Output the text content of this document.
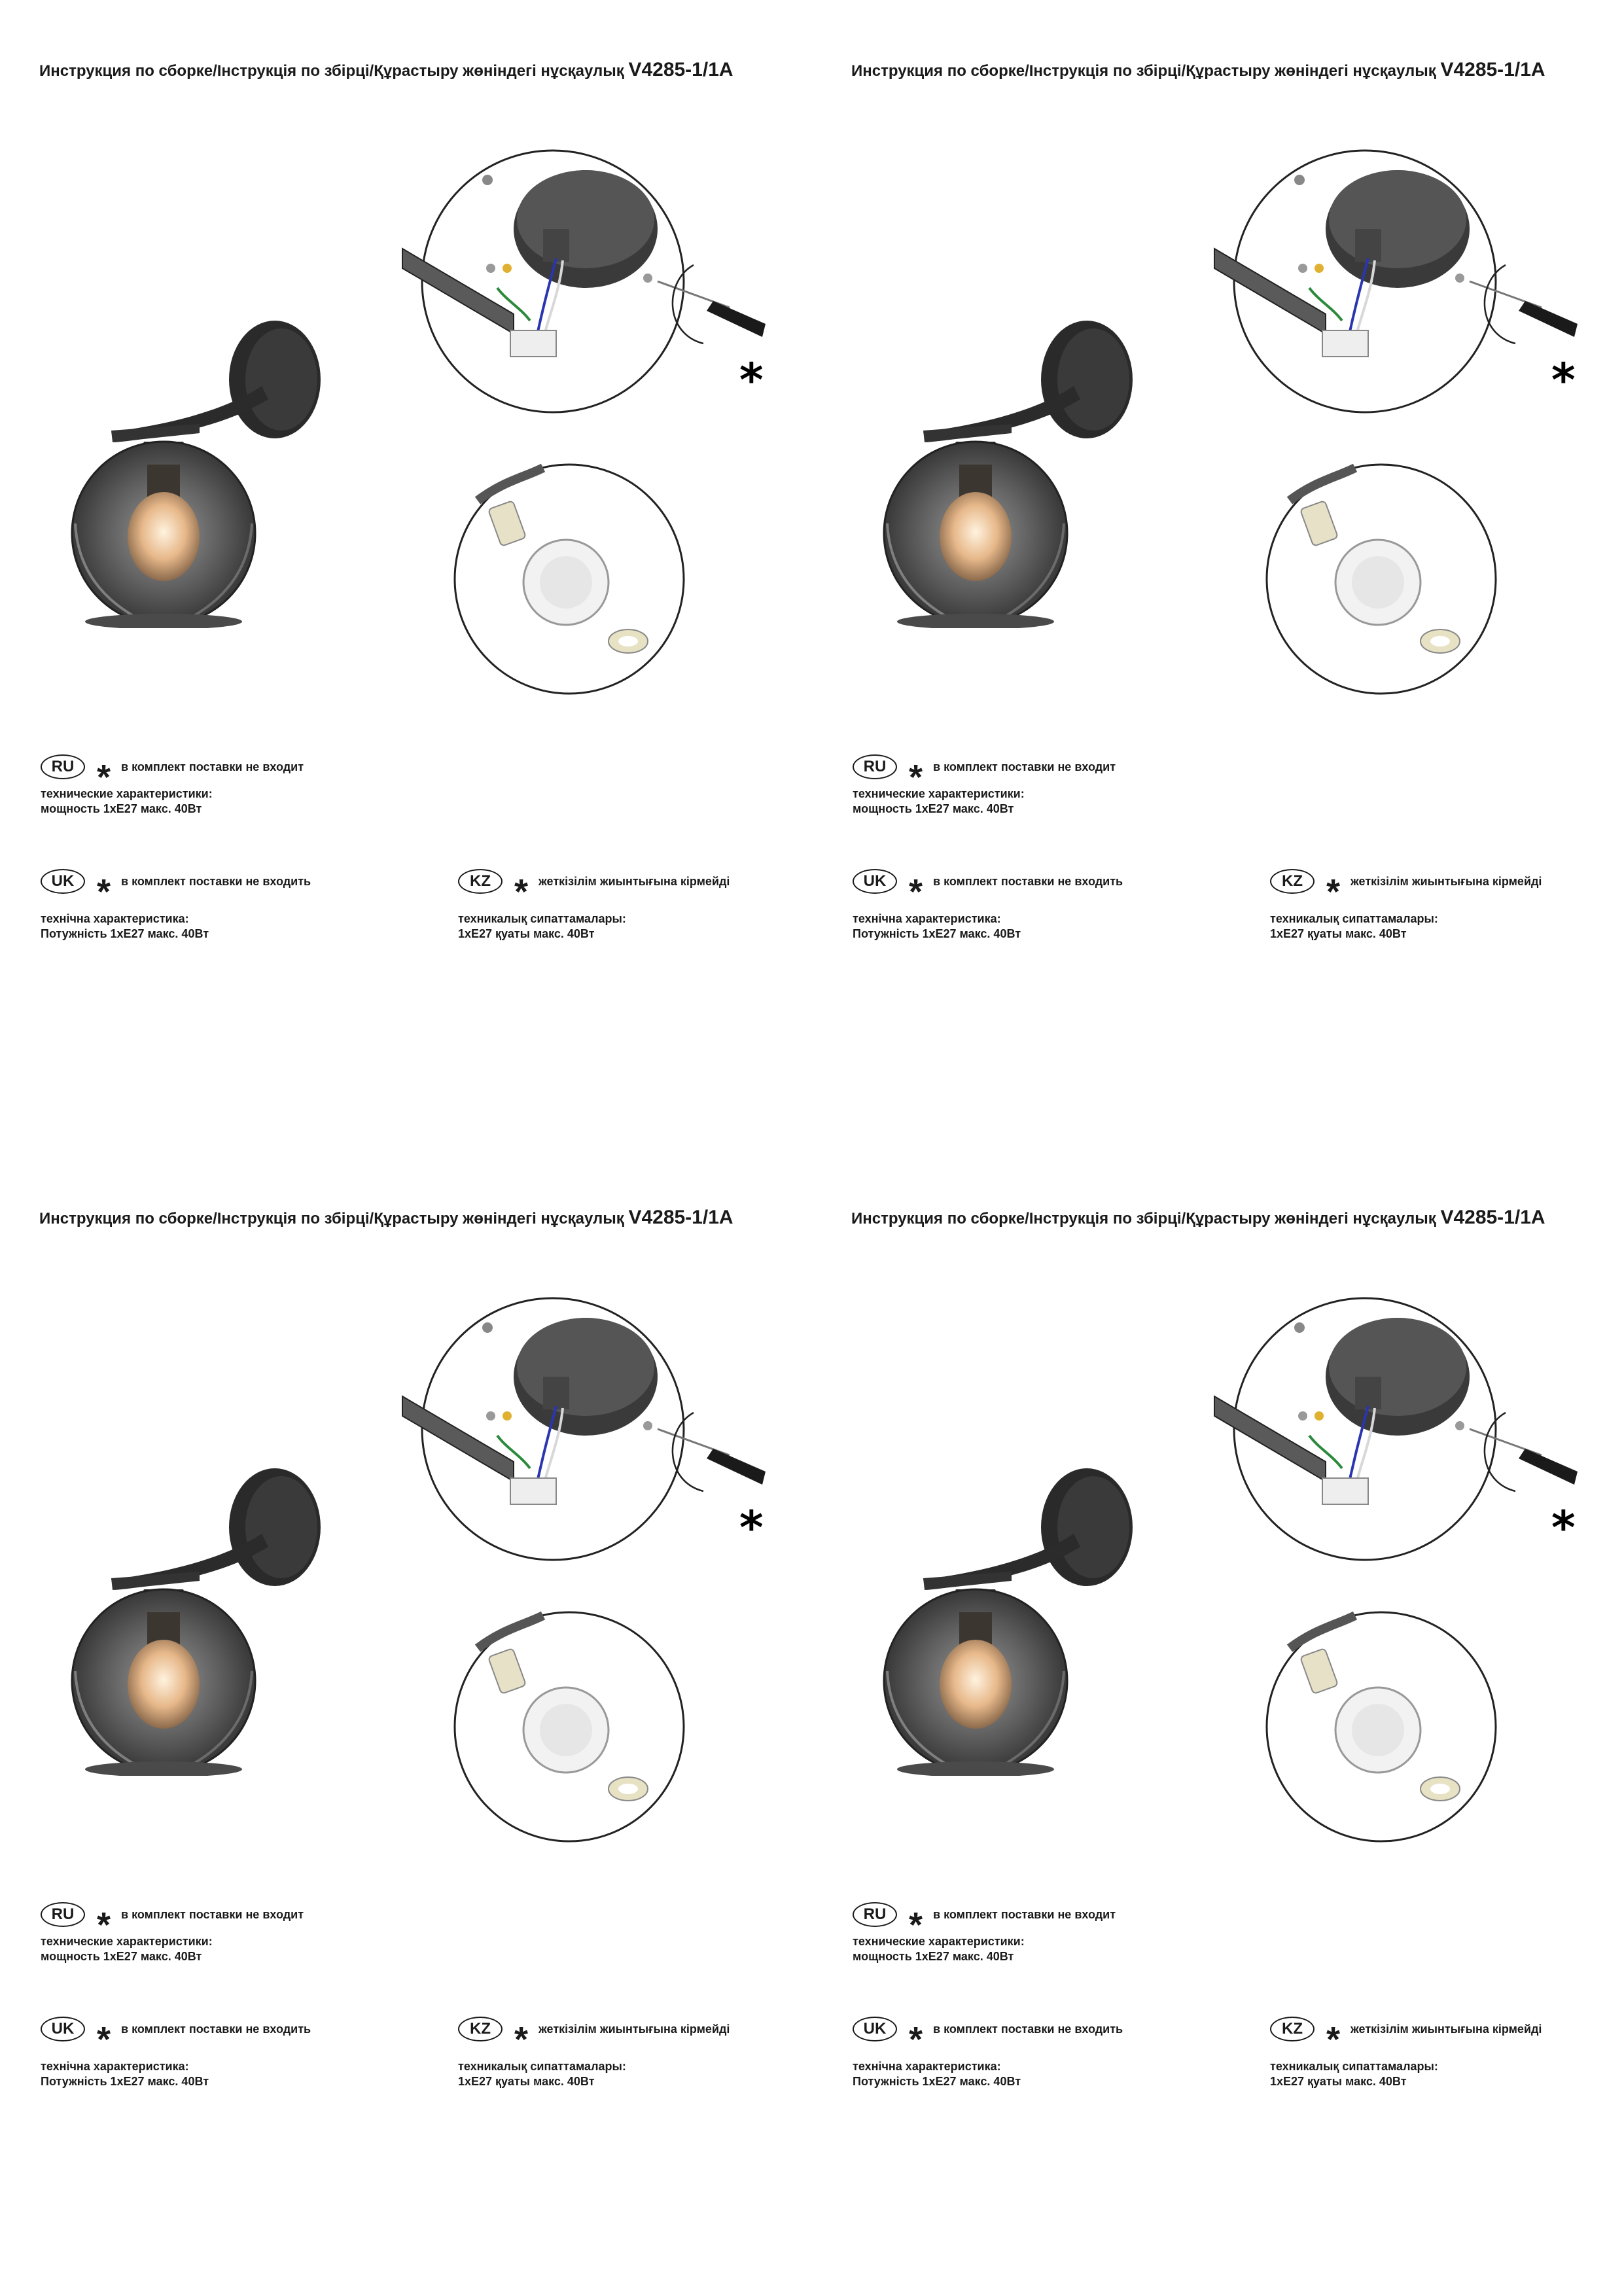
Инструкция по сборке/Інструкція по збірці/Құрастыру жөніндегі нұсқаулық V4285-1/1A
*
RU * в комплект поставки не входит
технические характеристики:
мощность 1xE27 макс. 40Вт
UK * в комплект поставки не входить
технічна характеристика:
Потужність 1xE27 макс. 40Вт
KZ * жеткізілім жиынтығына кірмейді
техникалық сипаттамалары:
1xE27 қуаты макс. 40Вт
Инструкция по сборке/Інструкція по збірці/Құрастыру жөніндегі нұсқаулық V4285-1/1A
*
RU * в комплект поставки не входит
технические характеристики:
мощность 1xE27 макс. 40Вт
UK * в комплект поставки не входить
технічна характеристика:
Потужність 1xE27 макс. 40Вт
KZ * жеткізілім жиынтығына кірмейді
техникалық сипаттамалары:
1xE27 қуаты макс. 40Вт
Инструкция по сборке/Інструкція по збірці/Құрастыру жөніндегі нұсқаулық V4285-1/1A
*
RU * в комплект поставки не входит
технические характеристики:
мощность 1xE27 макс. 40Вт
UK * в комплект поставки не входить
технічна характеристика:
Потужність 1xE27 макс. 40Вт
KZ * жеткізілім жиынтығына кірмейді
техникалық сипаттамалары:
1xE27 қуаты макс. 40Вт
Инструкция по сборке/Інструкція по збірці/Құрастыру жөніндегі нұсқаулық V4285-1/1A
*
RU * в комплект поставки не входит
технические характеристики:
мощность 1xE27 макс. 40Вт
UK * в комплект поставки не входить
технічна характеристика:
Потужність 1xE27 макс. 40Вт
KZ * жеткізілім жиынтығына кірмейді
техникалық сипаттамалары:
1xE27 қуаты макс. 40Вт
